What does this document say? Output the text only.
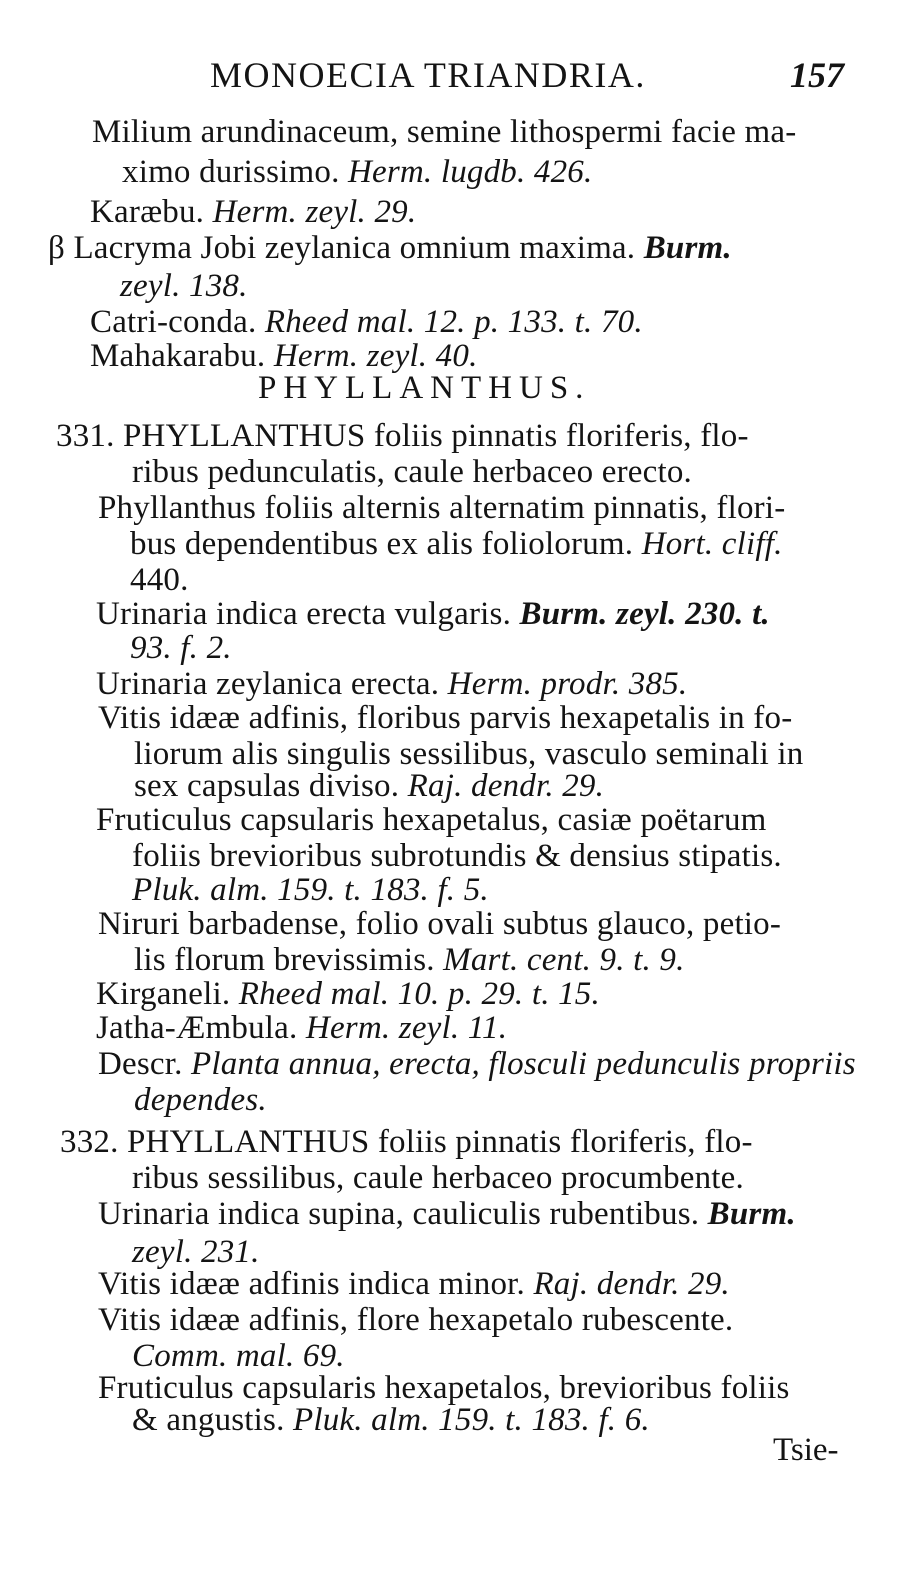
MONOECIA TRIANDRIA.	157
Milium arundinaceum, semine lithospermi facie ma-
ximo durissimo. Herm. lugdb. 426.
Karæbu. Herm. zeyl. 29.
β Lacryma Jobi zeylanica omnium maxima. Burm.
zeyl. 138.
Catri-conda. Rheed mal. 12. p. 133. t. 70.
Mahakarabu. Herm. zeyl. 40.
PHYLLANTHUS.
331. PHYLLANTHUS foliis pinnatis floriferis, flo-
ribus pedunculatis, caule herbaceo erecto.
Phyllanthus foliis alternis alternatim pinnatis, flori-
bus dependentibus ex alis foliolorum. Hort. cliff.
440.
Urinaria indica erecta vulgaris. Burm. zeyl. 230. t.
93. f. 2.
Urinaria zeylanica erecta. Herm. prodr. 385.
Vitis idææ adfinis, floribus parvis hexapetalis in fo-
liorum alis singulis sessilibus, vasculo seminali in
sex capsulas diviso. Raj. dendr. 29.
Fruticulus capsularis hexapetalus, casiæ poëtarum
foliis brevioribus subrotundis & densius stipatis.
Pluk. alm. 159. t. 183. f. 5.
Niruri barbadense, folio ovali subtus glauco, petio-
lis florum brevissimis. Mart. cent. 9. t. 9.
Kirganeli. Rheed mal. 10. p. 29. t. 15.
Jatha-Æmbula. Herm. zeyl. 11.
Descr. Planta annua, erecta, flosculi pedunculis propriis
dependes.
332. PHYLLANTHUS foliis pinnatis floriferis, flo-
ribus sessilibus, caule herbaceo procumbente.
Urinaria indica supina, cauliculis rubentibus. Burm.
zeyl. 231.
Vitis idææ adfinis indica minor. Raj. dendr. 29.
Vitis idææ adfinis, flore hexapetalo rubescente.
Comm. mal. 69.
Fruticulus capsularis hexapetalos, brevioribus foliis
& angustis. Pluk. alm. 159. t. 183. f. 6.
Tsie-
